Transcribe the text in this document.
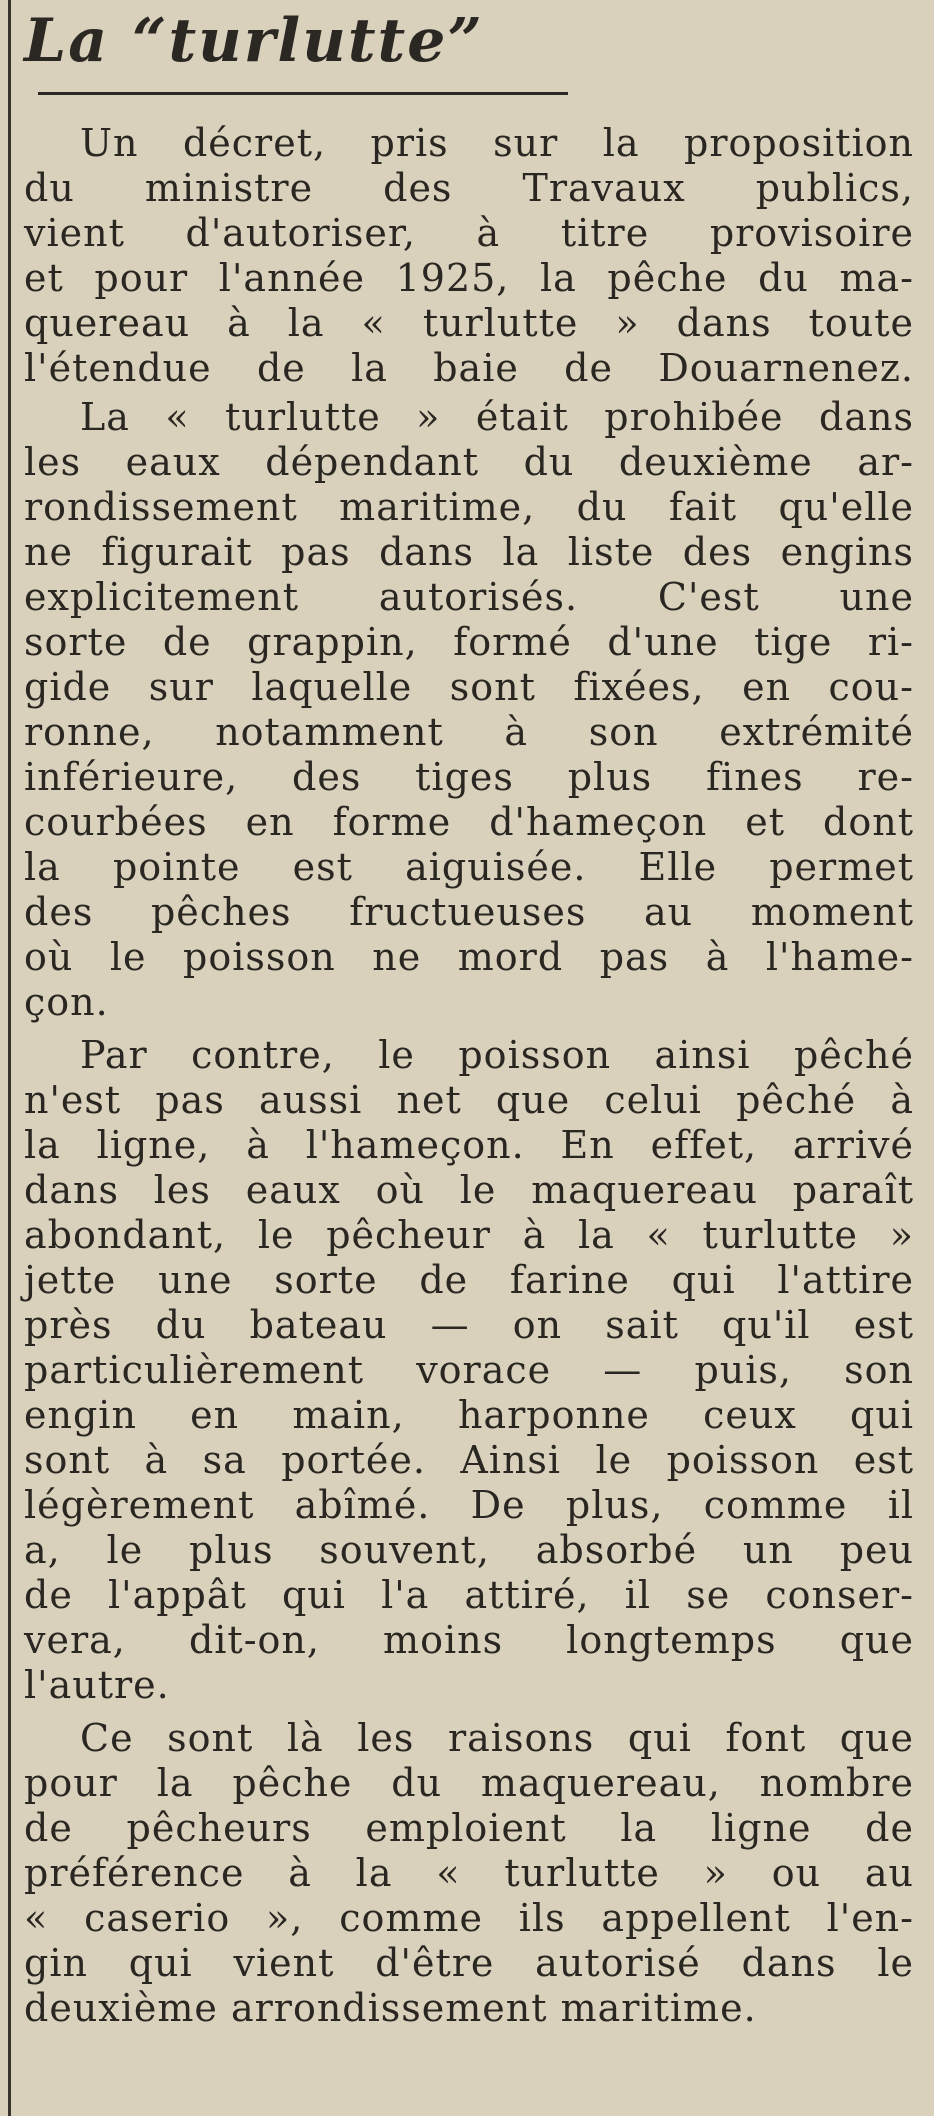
La “turlutte”

Un décret, pris sur la proposition
du ministre des Travaux publics,
vient d'autoriser, à titre provisoire
et pour l'année 1925, la pêche du ma-
quereau à la « turlutte » dans toute
l'étendue de la baie de Douarnenez.

La « turlutte » était prohibée dans
les eaux dépendant du deuxième ar-
rondissement maritime, du fait qu'elle
ne figurait pas dans la liste des engins
explicitement autorisés. C'est une
sorte de grappin, formé d'une tige ri-
gide sur laquelle sont fixées, en cou-
ronne, notamment à son extrémité
inférieure, des tiges plus fines re-
courbées en forme d'hameçon et dont
la pointe est aiguisée. Elle permet
des pêches fructueuses au moment
où le poisson ne mord pas à l'hame-
çon.

Par contre, le poisson ainsi pêché
n'est pas aussi net que celui pêché à
la ligne, à l'hameçon. En effet, arrivé
dans les eaux où le maquereau paraît
abondant, le pêcheur à la « turlutte »
jette une sorte de farine qui l'attire
près du bateau — on sait qu'il est
particulièrement vorace — puis, son
engin en main, harponne ceux qui
sont à sa portée. Ainsi le poisson est
légèrement abîmé. De plus, comme il
a, le plus souvent, absorbé un peu
de l'appât qui l'a attiré, il se conser-
vera, dit-on, moins longtemps que
l'autre.

Ce sont là les raisons qui font que
pour la pêche du maquereau, nombre
de pêcheurs emploient la ligne de
préférence à la « turlutte » ou au
« caserio », comme ils appellent l'en-
gin qui vient d'être autorisé dans le
deuxième arrondissement maritime.
